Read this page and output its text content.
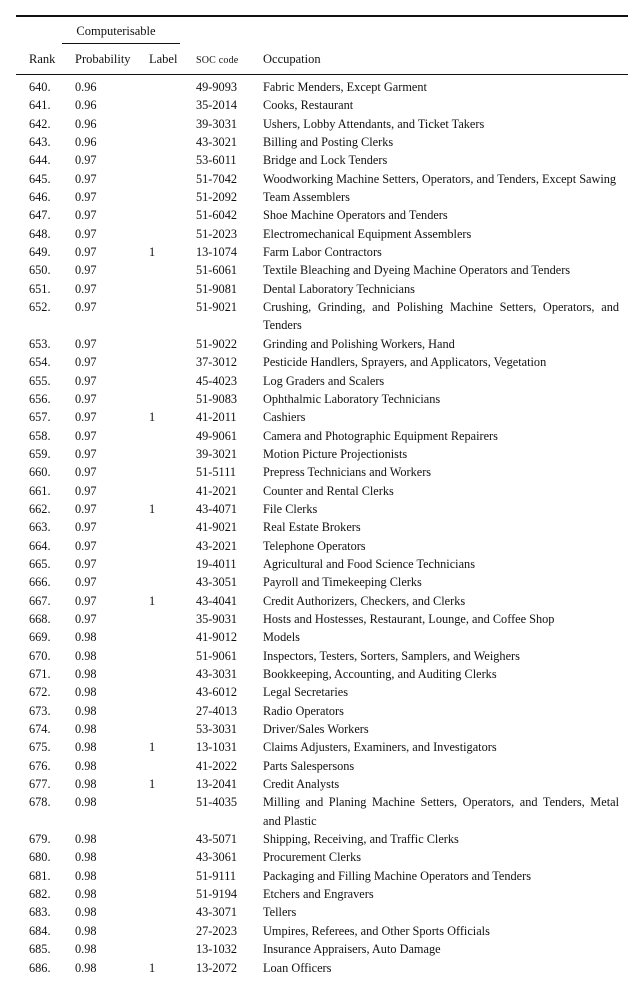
Computerisable
Rank Probability Label SOC code Occupation
640. 0.96	49-9093 Fabric Menders, Except Garment
641. 0.96	35-2014 Cooks, Restaurant
642. 0.96	39-3031 Ushers, Lobby Attendants, and Ticket Takers
643. 0.96	43-3021 Billing and Posting Clerks
644. 0.97	53-6011 Bridge and Lock Tenders
645. 0.97	51-7042 Woodworking Machine Setters, Operators, and Tenders, Except Sawing
646. 0.97	51-2092 Team Assemblers
647. 0.97	51-6042 Shoe Machine Operators and Tenders
648. 0.97	51-2023 Electromechanical Equipment Assemblers
649. 0.97	1	13-1074 Farm Labor Contractors
650. 0.97	51-6061 Textile Bleaching and Dyeing Machine Operators and Tenders
651. 0.97	51-9081 Dental Laboratory Technicians
652. 0.97	51-9021 Crushing, Grinding, and Polishing Machine Setters, Operators, and Tenders
653. 0.97	51-9022 Grinding and Polishing Workers, Hand
654. 0.97	37-3012 Pesticide Handlers, Sprayers, and Applicators, Vegetation
655. 0.97	45-4023 Log Graders and Scalers
656. 0.97	51-9083 Ophthalmic Laboratory Technicians
657. 0.97	1	41-2011 Cashiers
658. 0.97	49-9061 Camera and Photographic Equipment Repairers
659. 0.97	39-3021 Motion Picture Projectionists
660. 0.97	51-5111 Prepress Technicians and Workers
661. 0.97	41-2021 Counter and Rental Clerks
662. 0.97	1	43-4071 File Clerks
663. 0.97	41-9021 Real Estate Brokers
664. 0.97	43-2021 Telephone Operators
665. 0.97	19-4011 Agricultural and Food Science Technicians
666. 0.97	43-3051 Payroll and Timekeeping Clerks
667. 0.97	1	43-4041 Credit Authorizers, Checkers, and Clerks
668. 0.97	35-9031 Hosts and Hostesses, Restaurant, Lounge, and Coffee Shop
669. 0.98	41-9012 Models
670. 0.98	51-9061 Inspectors, Testers, Sorters, Samplers, and Weighers
671. 0.98	43-3031 Bookkeeping, Accounting, and Auditing Clerks
672. 0.98	43-6012 Legal Secretaries
673. 0.98	27-4013 Radio Operators
674. 0.98	53-3031 Driver/Sales Workers
675. 0.98	1	13-1031 Claims Adjusters, Examiners, and Investigators
676. 0.98	41-2022 Parts Salespersons
677. 0.98	1	13-2041 Credit Analysts
678. 0.98	51-4035 Milling and Planing Machine Setters, Operators, and Tenders, Metal and Plastic
679. 0.98	43-5071 Shipping, Receiving, and Traffic Clerks
680. 0.98	43-3061 Procurement Clerks
681. 0.98	51-9111 Packaging and Filling Machine Operators and Tenders
682. 0.98	51-9194 Etchers and Engravers
683. 0.98	43-3071 Tellers
684. 0.98	27-2023 Umpires, Referees, and Other Sports Officials
685. 0.98	13-1032 Insurance Appraisers, Auto Damage
686. 0.98	1	13-2072 Loan Officers
